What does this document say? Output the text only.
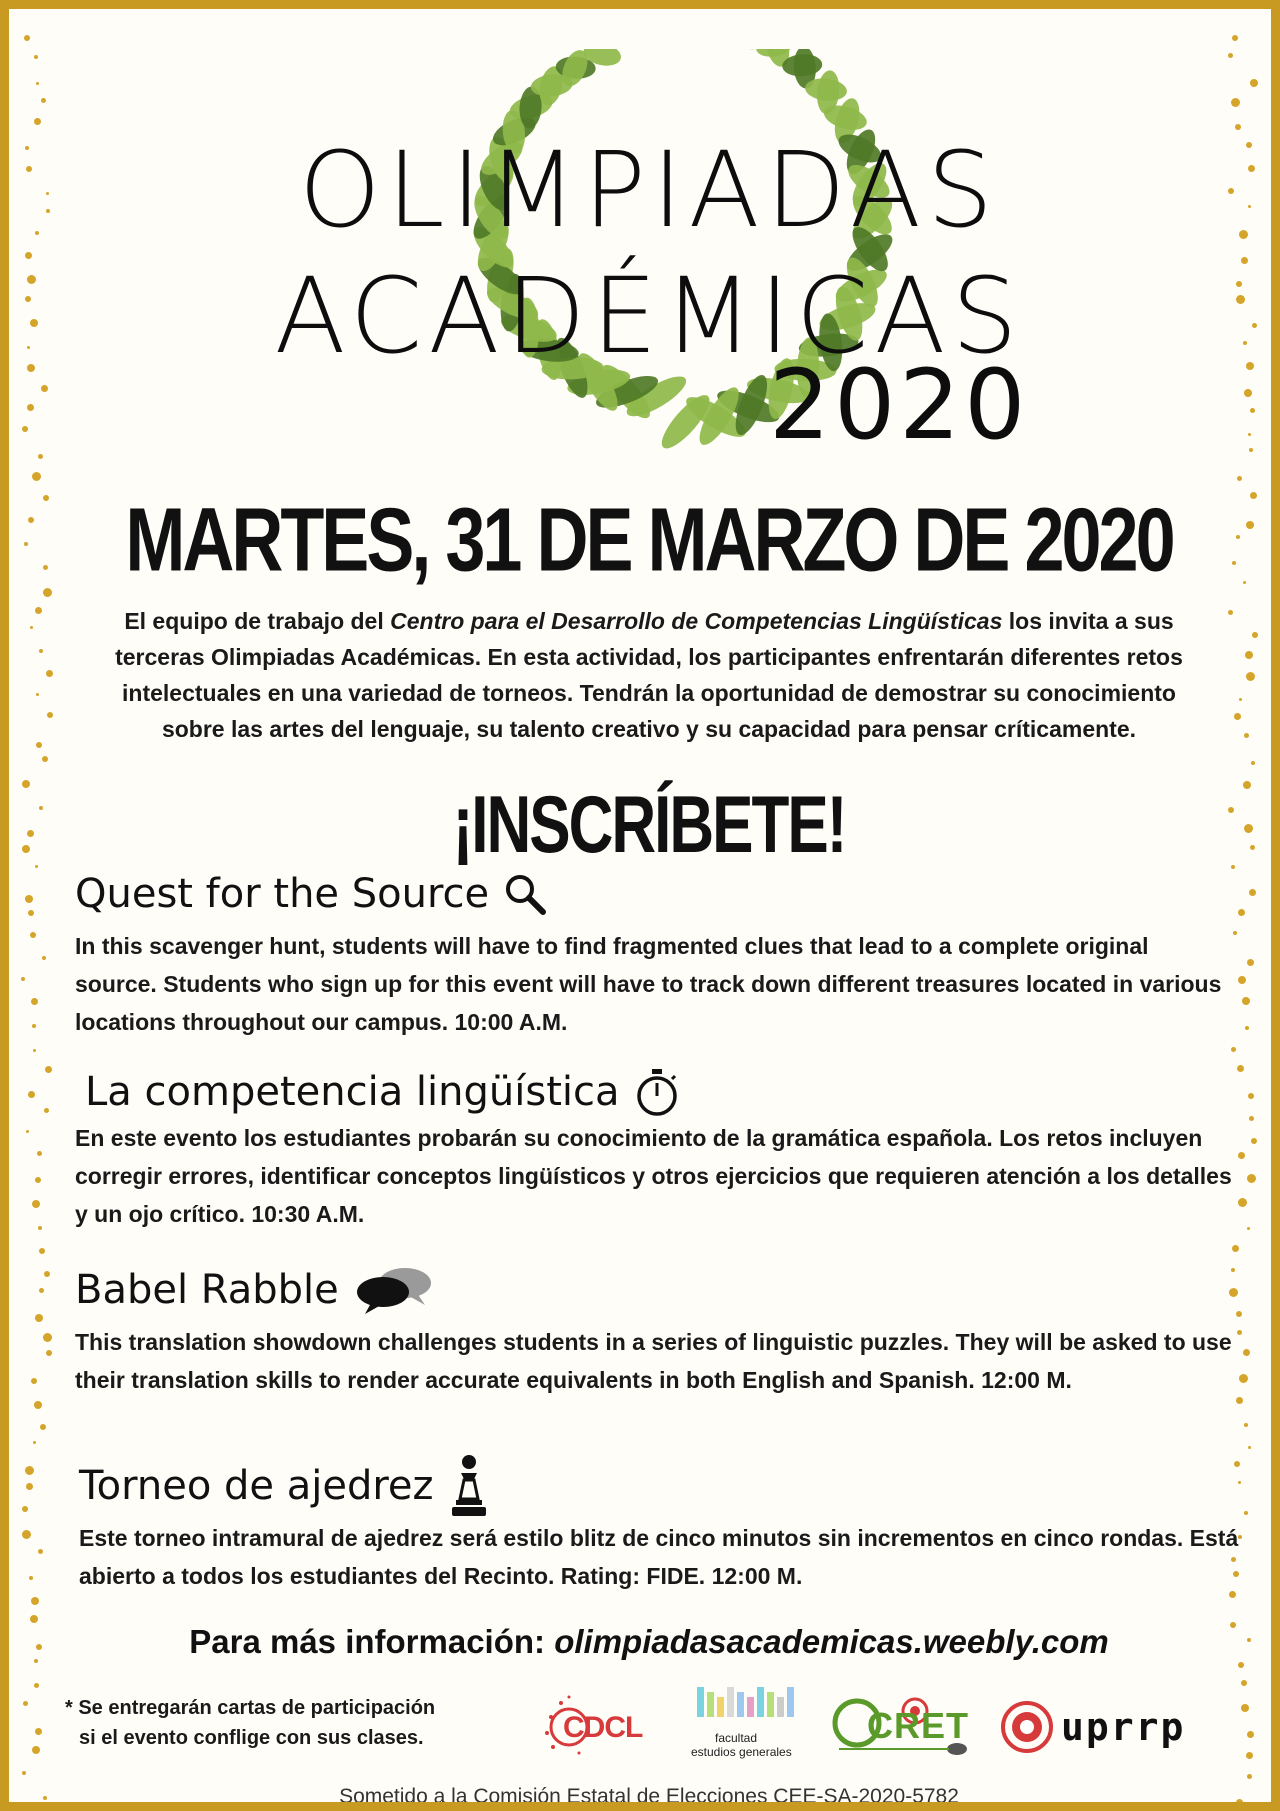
OLIMPIADAS
ACADÉMICAS
2020
MARTES, 31 DE MARZO DE 2020
El equipo de trabajo del Centro para el Desarrollo de Competencias Lingüísticas los invita a sus terceras Olimpiadas Académicas. En esta actividad, los participantes enfrentarán diferentes retos intelectuales en una variedad de torneos. Tendrán la oportunidad de demostrar su conocimiento sobre las artes del lenguaje, su talento creativo y su capacidad para pensar críticamente.
¡INSCRÍBETE!
Quest for the Source

In this scavenger hunt, students will have to find fragmented clues that lead to a complete original source. Students who sign up for this event will have to track down different treasures located in various locations throughout our campus. 10:00 A.M.

La competencia lingüística

En este evento los estudiantes probarán su conocimiento de la gramática española. Los retos incluyen corregir errores, identificar conceptos lingüísticos y otros ejercicios que requieren atención a los detalles y un ojo crítico. 10:30 A.M.

Babel Rabble

This translation showdown challenges students in a series of linguistic puzzles. They will be asked to use their translation skills to render accurate equivalents in both English and Spanish. 12:00 M.

Torneo de ajedrez

Este torneo intramural de ajedrez será estilo blitz de cinco minutos sin incrementos en cinco rondas. Está abierto a todos los estudiantes del Recinto. Rating: FIDE. 12:00 M.

Para más información: olimpiadasacademicas.weebly.com
* Se entregarán cartas de participación
si el evento conflige con sus clases.	CDCL	facultad
estudios generales
CRET uprrp
Sometido a la Comisión Estatal de Elecciones CEE-SA-2020-5782
